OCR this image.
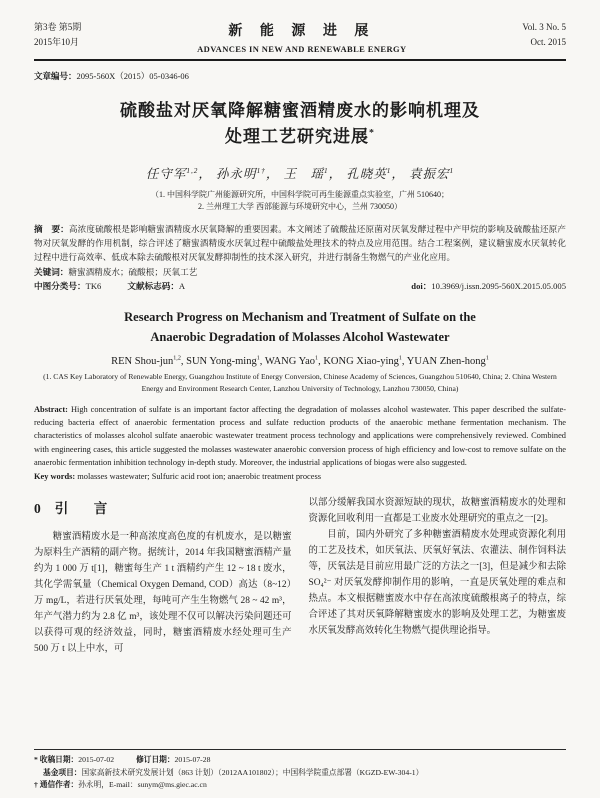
第3卷 第5期
2015年10月
新 能 源 进 展
ADVANCES IN NEW AND RENEWABLE ENERGY
Vol. 3 No. 5
Oct. 2015
文章编号：2095-560X（2015）05-0346-06
硫酸盐对厌氧降解糖蜜酒精废水的影响机理及
处理工艺研究进展*
任守军$^{1,2}$， 孙永明$^{1\dagger}$， 王　瑶$^1$， 孔晓英$^1$， 袁振宏$^1$
（1. 中国科学院广州能源研究所，中国科学院可再生能源重点实验室，广州 510640；
2. 兰州理工大学 西部能源与环境研究中心，兰州 730050）
摘　要：高浓度硫酸根是影响糖蜜酒精废水厌氧降解的重要因素。本文阐述了硫酸盐还原菌对厌氧发酵过程中产甲烷的影响及硫酸盐还原产物对厌氧发酵的作用机制，综合评述了糖蜜酒精废水厌氧过程中硫酸盐处理技术的特点及应用范围。结合工程案例，建议糖蜜废水厌氧转化过程中进行高效率、低成本除去硫酸根对厌氧发酵抑制性的技术深入研究，并进行制备生物燃气的产业化应用。
关键词：糖蜜酒精废水；硫酸根；厌氧工艺
中图分类号：TK6	文献标志码：A	doi：10.3969/j.issn.2095-560X.2015.05.005
Research Progress on Mechanism and Treatment of Sulfate on the
Anaerobic Degradation of Molasses Alcohol Wastewater
REN Shou-jun$^{1,2}$, SUN Yong-ming$^1$, WANG Yao$^1$, KONG Xiao-ying$^1$, YUAN Zhen-hong$^1$
(1. CAS Key Laboratory of Renewable Energy, Guangzhou Institute of Energy Conversion, Chinese Academy of Sciences, Guangzhou 510640, China; 2. China Western Energy and Environment Research Center, Lanzhou University of Technology, Lanzhou 730050, China)
Abstract: High concentration of sulfate is an important factor affecting the degradation of molasses alcohol wastewater. This paper described the sulfate-reducing bacteria effect of anaerobic fermentation process and sulfate reduction products of the anaerobic methane fermentation mechanism. The characteristics of molasses alcohol sulfate anaerobic wastewater treatment process technology and applications were comprehensively reviewed. Combined with engineering cases, this article suggested the molasses wastewater anaerobic conversion process of high efficiency and low-cost to remove sulfate on the anaerobic fermentation inhibition technology in-depth study. Moreover, the industrial applications of biogas were also suggested.
Key words: molasses wastewater; Sulfuric acid root ion; anaerobic treatment process
0 引　言

糖蜜酒精废水是一种高浓度高色度的有机废水，是以糖蜜为原料生产酒精的副产物。据统计，2014 年我国糖蜜酒精产量约为 1 000 万 t[1]，糖蜜每生产 1 t 酒精约产生 12 ~ 18 t 废水，其化学需氧量（Chemical Oxygen Demand, COD）高达（8~12）万 mg/L，若进行厌氧处理，每吨可产生生物燃气 28 ~ 42 m³，年产气潜力约为 2.8 亿 m³，该处理不仅可以解决污染问题还可以获得可观的经济效益，同时，糖蜜酒精废水经处理可生产 500 万 t 以上中水，可

以部分缓解我国水资源短缺的现状，故糖蜜酒精废水的处理和资源化回收利用一直都是工业废水处理研究的重点之一[2]。

目前，国内外研究了多种糖蜜酒精废水处理或资源化利用的工艺及技术，如厌氧法、厌氧好氧法、农灌法、制作饲料法等，厌氧法是目前应用最广泛的方法之一[3]，但是减少和去除 SO₄²⁻ 对厌氧发酵抑制作用的影响，一直是厌氧处理的难点和热点。本文根据糖蜜废水中存在高浓度硫酸根离子的特点，综合评述了其对厌氧降解糖蜜废水的影响及处理工艺，为糖蜜废水厌氧发酵高效转化生物燃气提供理论指导。

* 收稿日期：2015-07-02	修订日期：2015-07-28
基金项目：国家高新技术研究发展计划（863 计划）（2012AA101802）；中国科学院重点部署（KGZD-EW-304-1）
† 通信作者：孙永明，E-mail：sunym@ms.giec.ac.cn
